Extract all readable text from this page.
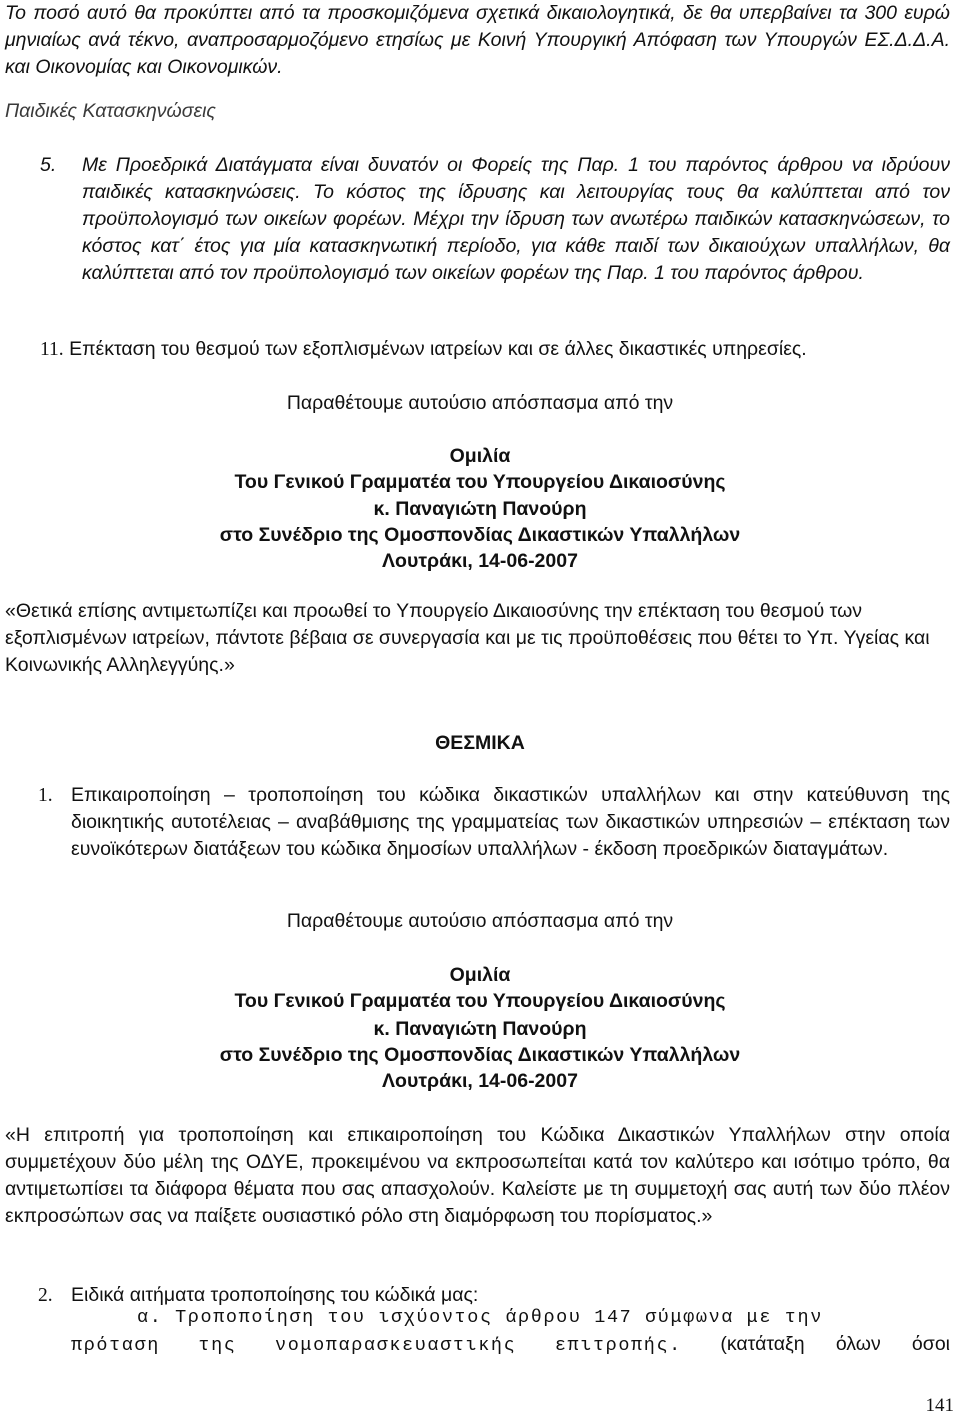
Το ποσό αυτό θα προκύπτει από τα προσκομιζόμενα σχετικά δικαιολογητικά, δε θα υπερβαίνει τα 300 ευρώ μηνιαίως ανά τέκνο, αναπροσαρμοζόμενο ετησίως με Κοινή Υπουργική Απόφαση των Υπουργών ΕΣ.Δ.Δ.Α. και Οικονομίας και Οικονομικών.

Παιδικές Κατασκηνώσεις

5. Με Προεδρικά Διατάγματα είναι δυνατόν οι Φορείς της Παρ. 1 του παρόντος άρθρου να ιδρύουν παιδικές κατασκηνώσεις. Το κόστος της ίδρυσης και λειτουργίας τους θα καλύπτεται από τον προϋπολογισμό των οικείων φορέων. Μέχρι την ίδρυση των ανωτέρω παιδικών κατασκηνώσεων, το κόστος κατ΄ έτος για μία κατασκηνωτική περίοδο, για κάθε παιδί των δικαιούχων υπαλλήλων, θα καλύπτεται από τον προϋπολογισμό των οικείων φορέων της Παρ. 1 του παρόντος άρθρου.

11. Επέκταση του θεσμού των εξοπλισμένων ιατρείων και σε άλλες δικαστικές υπηρεσίες.

Παραθέτουμε αυτούσιο απόσπασμα από την

Ομιλία

Του Γενικού Γραμματέα του Υπουργείου Δικαιοσύνης

κ. Παναγιώτη Πανούρη

στο Συνέδριο της Ομοσπονδίας Δικαστικών Υπαλλήλων

Λουτράκι, 14-06-2007

«Θετικά επίσης αντιμετωπίζει και προωθεί το Υπουργείο Δικαιοσύνης την επέκταση του θεσμού των εξοπλισμένων ιατρείων, πάντοτε βέβαια σε συνεργασία και με τις προϋποθέσεις που θέτει το Υπ. Υγείας και Κοινωνικής Αλληλεγγύης.»

ΘΕΣΜΙΚΑ

1. Επικαιροποίηση – τροποποίηση του κώδικα δικαστικών υπαλλήλων και στην κατεύθυνση της διοικητικής αυτοτέλειας – αναβάθμισης της γραμματείας των δικαστικών υπηρεσιών – επέκταση των ευνοϊκότερων διατάξεων του κώδικα δημοσίων υπαλλήλων - έκδοση προεδρικών διαταγμάτων.

Παραθέτουμε αυτούσιο απόσπασμα από την

Ομιλία

Του Γενικού Γραμματέα του Υπουργείου Δικαιοσύνης

κ. Παναγιώτη Πανούρη

στο Συνέδριο της Ομοσπονδίας Δικαστικών Υπαλλήλων

Λουτράκι, 14-06-2007

«Η επιτροπή για τροποποίηση και επικαιροποίηση του Κώδικα Δικαστικών Υπαλλήλων στην οποία συμμετέχουν δύο μέλη της ΟΔΥΕ, προκειμένου να εκπροσωπείται κατά τον καλύτερο και ισότιμο τρόπο, θα αντιμετωπίσει τα διάφορα θέματα που σας απασχολούν. Καλείστε με τη συμμετοχή σας αυτή των δύο πλέον εκπροσώπων σας να παίξετε ουσιαστικό ρόλο στη διαμόρφωση του πορίσματος.»

2. Ειδικά αιτήματα τροποποίησης του κώδικά μας:
α. Τροποποίηση του ισχύοντος άρθρου 147 σύμφωνα με την
πρόταση της νομοπαρασκευαστικής επιτροπής. (κατάταξη όλων όσοι

141
